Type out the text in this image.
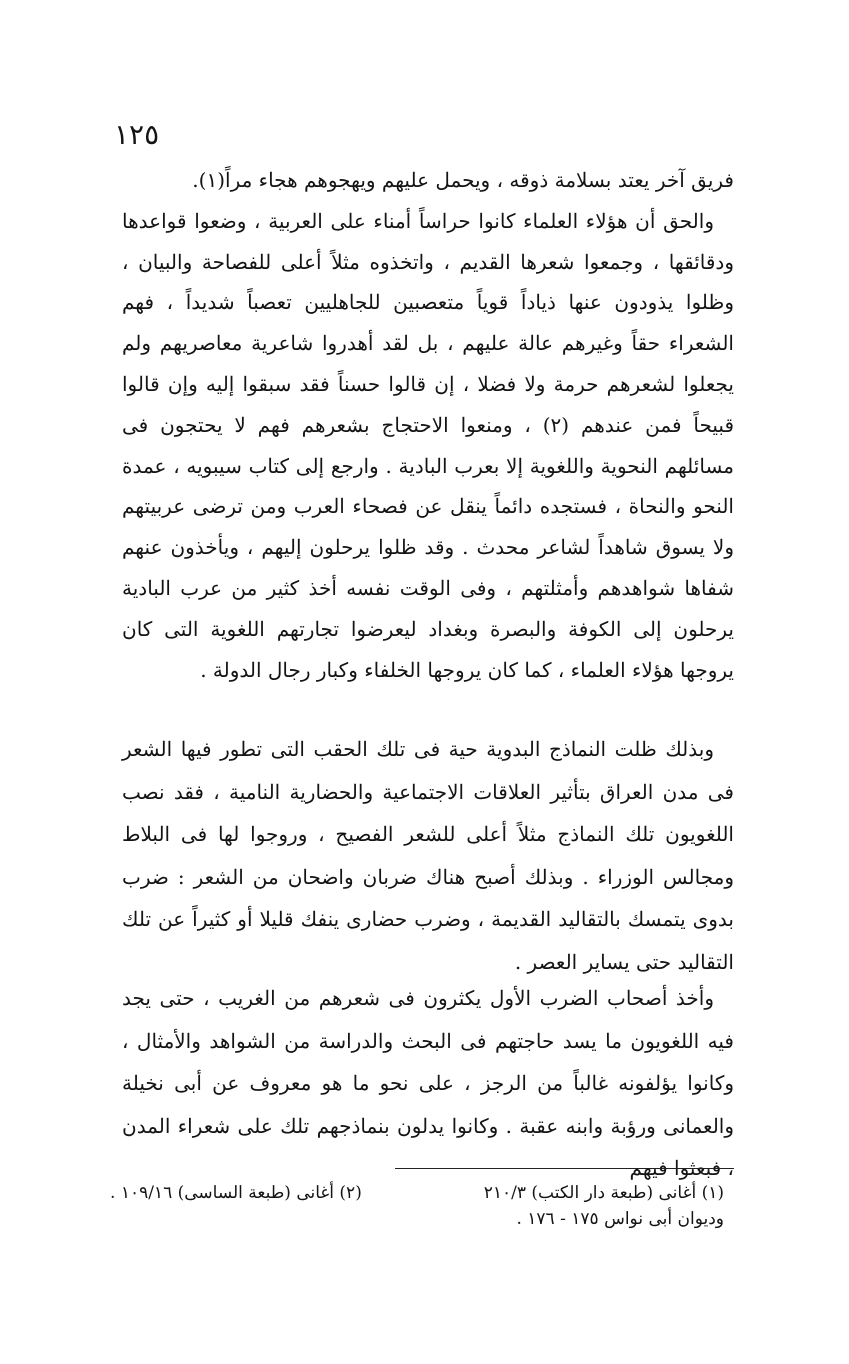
١٢٥

فريق آخر يعتد بسلامة ذوقه ، ويحمل عليهم ويهجوهم هجاء مراً(١).

والحق أن هؤلاء العلماء كانوا حراساً أمناء على العربية ، وضعوا قواعدها ودقائقها ، وجمعوا شعرها القديم ، واتخذوه مثلاً أعلى للفصاحة والبيان ، وظلوا يذودون عنها ذياداً قوياً متعصبين للجاهليين تعصباً شديداً ، فهم الشعراء حقاً وغيرهم عالة عليهم ، بل لقد أهدروا شاعرية معاصريهم ولم يجعلوا لشعرهم حرمة ولا فضلا ، إن قالوا حسناً فقد سبقوا إليه وإن قالوا قبيحاً فمن عندهم (٢) ، ومنعوا الاحتجاج بشعرهم فهم لا يحتجون فى مسائلهم النحوية واللغوية إلا بعرب البادية . وارجع إلى كتاب سيبويه ، عمدة النحو والنحاة ، فستجده دائماً ينقل عن فصحاء العرب ومن ترضى عربيتهم ولا يسوق شاهداً لشاعر محدث . وقد ظلوا يرحلون إليهم ، ويأخذون عنهم شفاها شواهدهم وأمثلتهم ، وفى الوقت نفسه أخذ كثير من عرب البادية يرحلون إلى الكوفة والبصرة وبغداد ليعرضوا تجارتهم اللغوية التى كان يروجها هؤلاء العلماء ، كما كان يروجها الخلفاء وكبار رجال الدولة .

وبذلك ظلت النماذج البدوية حية فى تلك الحقب التى تطور فيها الشعر فى مدن العراق بتأثير العلاقات الاجتماعية والحضارية النامية ، فقد نصب اللغويون تلك النماذج مثلاً أعلى للشعر الفصيح ، وروجوا لها فى البلاط ومجالس الوزراء . وبذلك أصبح هناك ضربان واضحان من الشعر : ضرب بدوى يتمسك بالتقاليد القديمة ، وضرب حضارى ينفك قليلا أو كثيراً عن تلك التقاليد حتى يساير العصر .

وأخذ أصحاب الضرب الأول يكثرون فى شعرهم من الغريب ، حتى يجد فيه اللغويون ما يسد حاجتهم فى البحث والدراسة من الشواهد والأمثال ، وكانوا يؤلفونه غالباً من الرجز ، على نحو ما هو معروف عن أبى نخيلة والعمانى ورؤبة وابنه عقبة . وكانوا يدلون بنماذجهم تلك على شعراء المدن ، فبعثوا فيهم

(١) أغانى (طبعة دار الكتب) ٢١٠/٣
(٢) أغانى (طبعة الساسى) ١٠٩/١٦ .
وديوان أبى نواس ١٧٥ - ١٧٦ .
